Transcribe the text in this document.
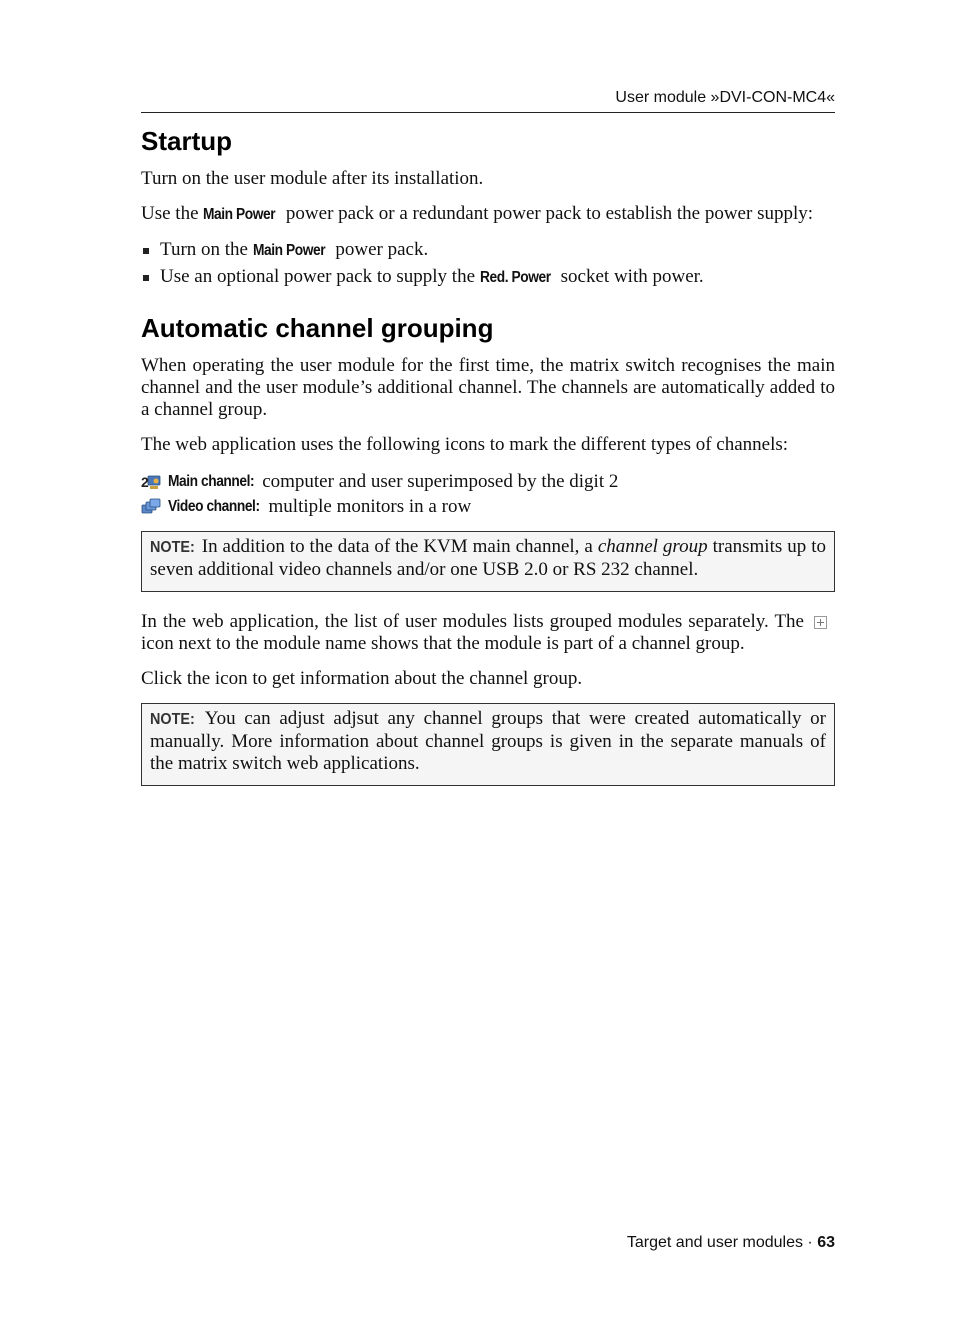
User module »DVI-CON-MC4«
Startup

Turn on the user module after its installation.

Use the Main Power power pack or a redundant power pack to establish the power supply:

Turn on the Main Power power pack.
Use an optional power pack to supply the Red. Power socket with power.
Automatic channel grouping

When operating the user module for the first time, the matrix switch recognises the main channel and the user module’s additional channel. The channels are automatically added to a channel group.

The web application uses the following icons to mark the different types of channels:

2 Main channel: computer and user superimposed by the digit 2
Video channel: multiple monitors in a row

NOTE: In addition to the data of the KVM main channel, a channel group transmits up to seven additional video channels and/or one USB 2.0 or RS 232 channel.

In the web application, the list of user modules lists grouped modules separately. Theicon next to the module name shows that the module is part of a channel group.

Click the icon to get information about the channel group.

NOTE: You can adjust adjsut any channel groups that were created automatically or manually. More information about channel groups is given in the separate manuals of the matrix switch web applications.

Target and user modules · 63
